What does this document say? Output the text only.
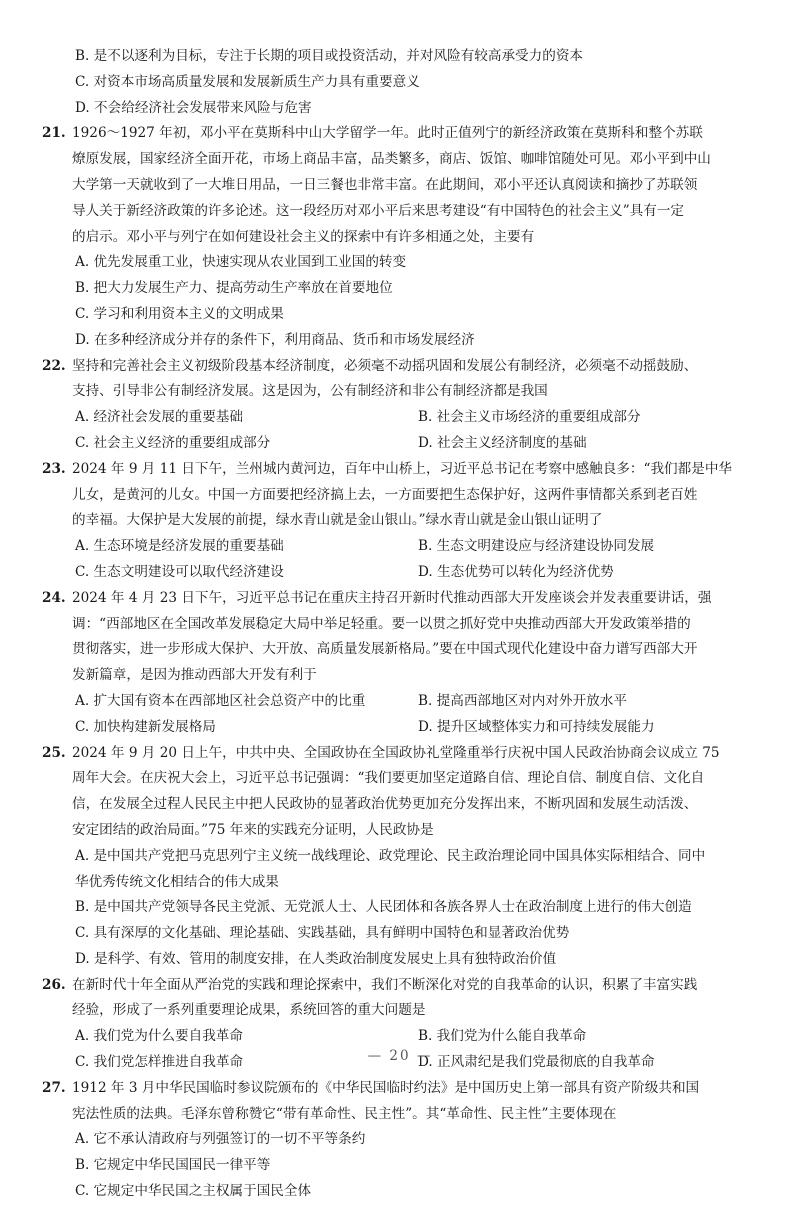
B. 是不以逐利为目标，专注于长期的项目或投资活动，并对风险有较高承受力的资本
C. 对资本市场高质量发展和发展新质生产力具有重要意义
D. 不会给经济社会发展带来风险与危害
21. 1926～1927 年初，邓小平在莫斯科中山大学留学一年。此时正值列宁的新经济政策在莫斯科和整个苏联
燎原发展，国家经济全面开花，市场上商品丰富，品类繁多，商店、饭馆、咖啡馆随处可见。邓小平到中山
大学第一天就收到了一大堆日用品，一日三餐也非常丰富。在此期间，邓小平还认真阅读和摘抄了苏联领
导人关于新经济政策的许多论述。这一段经历对邓小平后来思考建设“有中国特色的社会主义”具有一定
的启示。邓小平与列宁在如何建设社会主义的探索中有许多相通之处，主要有
A. 优先发展重工业，快速实现从农业国到工业国的转变
B. 把大力发展生产力、提高劳动生产率放在首要地位
C. 学习和利用资本主义的文明成果
D. 在多种经济成分并存的条件下，利用商品、货币和市场发展经济
22. 坚持和完善社会主义初级阶段基本经济制度，必须毫不动摇巩固和发展公有制经济，必须毫不动摇鼓励、
支持、引导非公有制经济发展。这是因为，公有制经济和非公有制经济都是我国
A. 经济社会发展的重要基础	B. 社会主义市场经济的重要组成部分
C. 社会主义经济的重要组成部分	D. 社会主义经济制度的基础
23. 2024 年 9 月 11 日下午，兰州城内黄河边，百年中山桥上，习近平总书记在考察中感触良多：“我们都是中华
儿女，是黄河的儿女。中国一方面要把经济搞上去，一方面要把生态保护好，这两件事情都关系到老百姓
的幸福。大保护是大发展的前提，绿水青山就是金山银山。”绿水青山就是金山银山证明了
A. 生态环境是经济发展的重要基础	B. 生态文明建设应与经济建设协同发展
C. 生态文明建设可以取代经济建设	D. 生态优势可以转化为经济优势
24. 2024 年 4 月 23 日下午，习近平总书记在重庆主持召开新时代推动西部大开发座谈会并发表重要讲话，强
调：“西部地区在全国改革发展稳定大局中举足轻重。要一以贯之抓好党中央推动西部大开发政策举措的
贯彻落实，进一步形成大保护、大开放、高质量发展新格局。”要在中国式现代化建设中奋力谱写西部大开
发新篇章，是因为推动西部大开发有利于
A. 扩大国有资本在西部地区社会总资产中的比重	B. 提高西部地区对内对外开放水平
C. 加快构建新发展格局	D. 提升区域整体实力和可持续发展能力
25. 2024 年 9 月 20 日上午，中共中央、全国政协在全国政协礼堂隆重举行庆祝中国人民政治协商会议成立 75
周年大会。在庆祝大会上，习近平总书记强调：“我们要更加坚定道路自信、理论自信、制度自信、文化自
信，在发展全过程人民民主中把人民政协的显著政治优势更加充分发挥出来，不断巩固和发展生动活泼、
安定团结的政治局面。”75 年来的实践充分证明，人民政协是
A. 是中国共产党把马克思列宁主义统一战线理论、政党理论、民主政治理论同中国具体实际相结合、同中
华优秀传统文化相结合的伟大成果
B. 是中国共产党领导各民主党派、无党派人士、人民团体和各族各界人士在政治制度上进行的伟大创造
C. 具有深厚的文化基础、理论基础、实践基础，具有鲜明中国特色和显著政治优势
D. 是科学、有效、管用的制度安排，在人类政治制度发展史上具有独特政治价值
26. 在新时代十年全面从严治党的实践和理论探索中，我们不断深化对党的自我革命的认识，积累了丰富实践
经验，形成了一系列重要理论成果，系统回答的重大问题是
A. 我们党为什么要自我革命	B. 我们党为什么能自我革命
C. 我们党怎样推进自我革命	D. 正风肃纪是我们党最彻底的自我革命
27. 1912 年 3 月中华民国临时参议院颁布的《中华民国临时约法》是中国历史上第一部具有资产阶级共和国
宪法性质的法典。毛泽东曾称赞它“带有革命性、民主性”。其“革命性、民主性”主要体现在
A. 它不承认清政府与列强签订的一切不平等条约
B. 它规定中华民国国民一律平等
C. 它规定中华民国之主权属于国民全体
— 20 —
